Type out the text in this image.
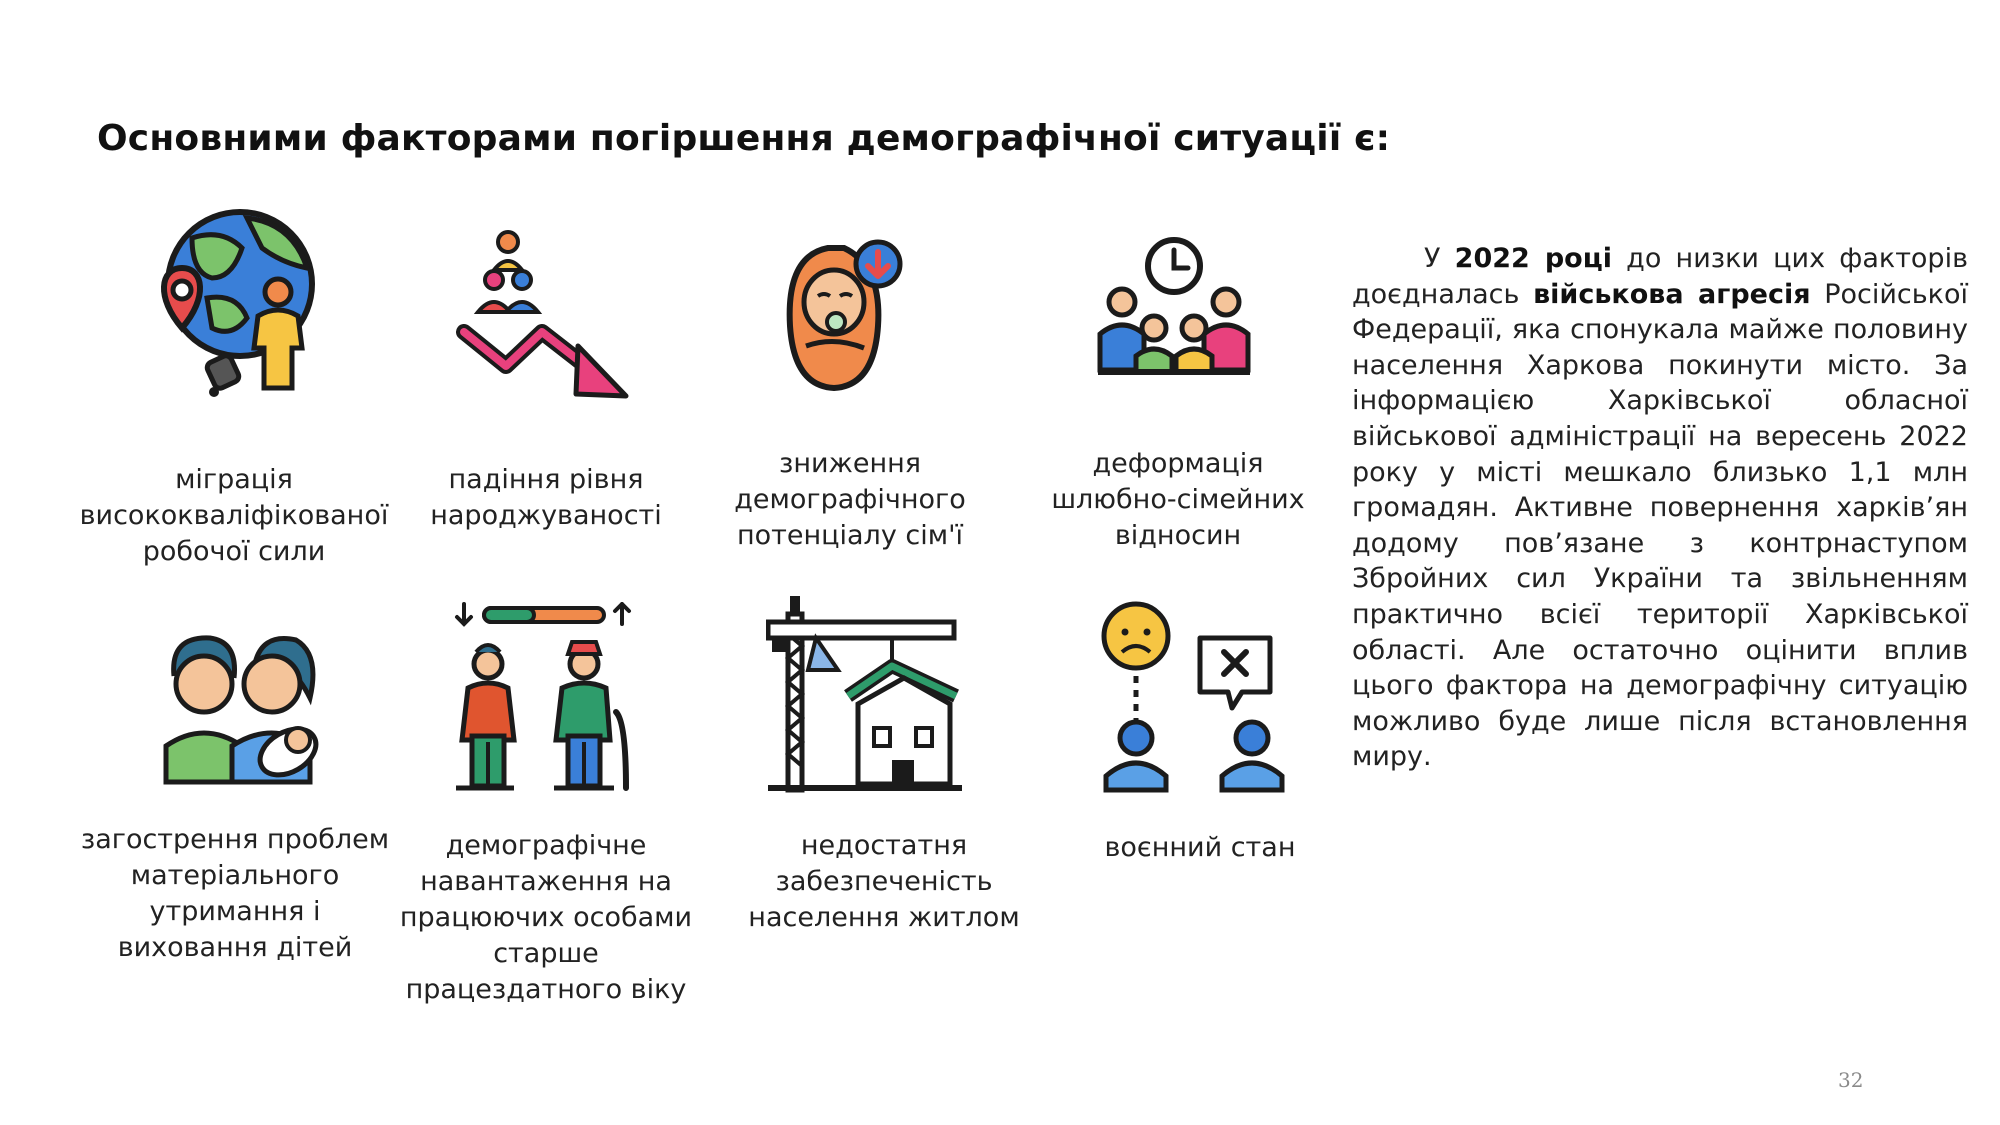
Основними факторами погіршення демографічної ситуації є:
міграція висококваліфікованої робочої сили
падіння рівня народжуваності
зниження демографічного потенціалу сім'ї
деформація шлюбно-сімейних відносин
загострення проблем матеріального утримання і виховання дітей
демографічне навантаження на працюючих особами старше працездатного віку
недостатня забезпеченість населення житлом
воєнний стан

У 2022 році до низки цих факторів доєдналась військова агресія Російської Федерації, яка спонукала майже половину населення Харкова покинути місто. За інформацією Харківської обласної військової адміністрації на вересень 2022 року у місті мешкало близько 1,1 млн громадян. Активне повернення харків’ян додому пов’язане з контрнаступом Збройних сил України та звільненням практично всієї території Харківської області. Але остаточно оцінити вплив цього фактора на демографічну ситуацію можливо буде лише після встановлення миру.

32
